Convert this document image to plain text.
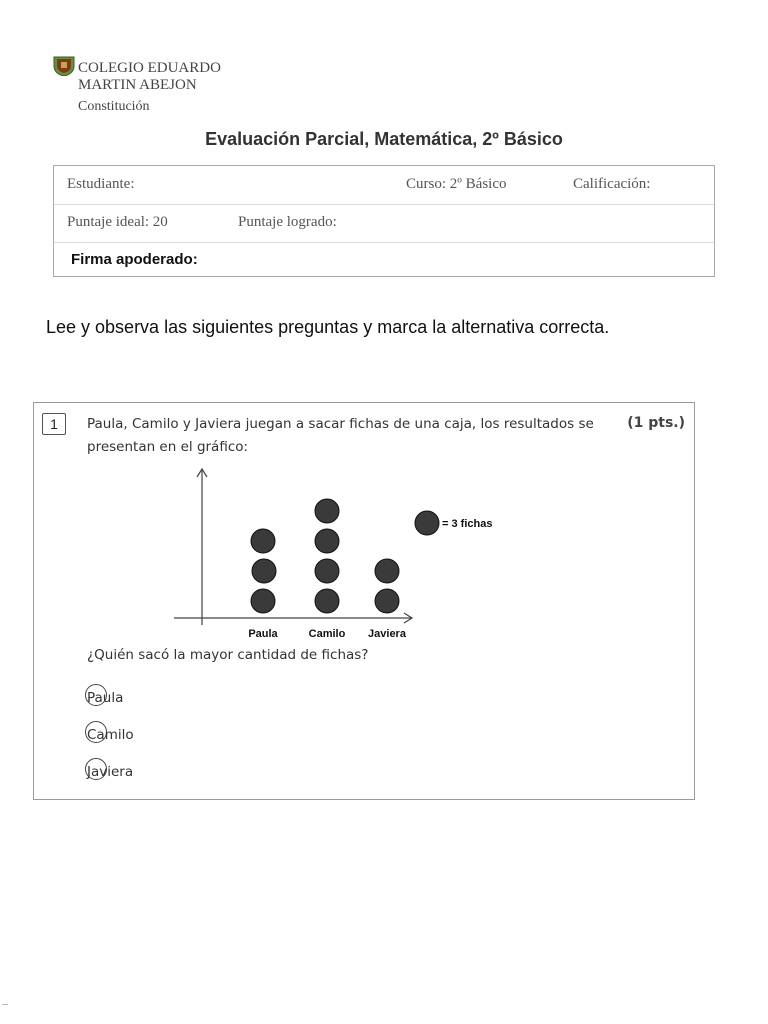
COLEGIO EDUARDO
MARTIN ABEJON
Constitución
Evaluación Parcial, Matemática, 2º Básico
Estudiante:	Curso: 2º Básico	Calificación:
Puntaje ideal: 20	Puntaje logrado:
Firma apoderado:
Lee y observa las siguientes preguntas y marca la alternativa correcta.
1	Paula, Camilo y Javiera juegan a sacar fichas de una caja, los resultados se presentan en el gráfico:
(1 pts.)
Paula	Camilo Javiera
= 3 fichas
¿Quién sacó la mayor cantidad de fichas?
Paula
Camilo
Javiera
